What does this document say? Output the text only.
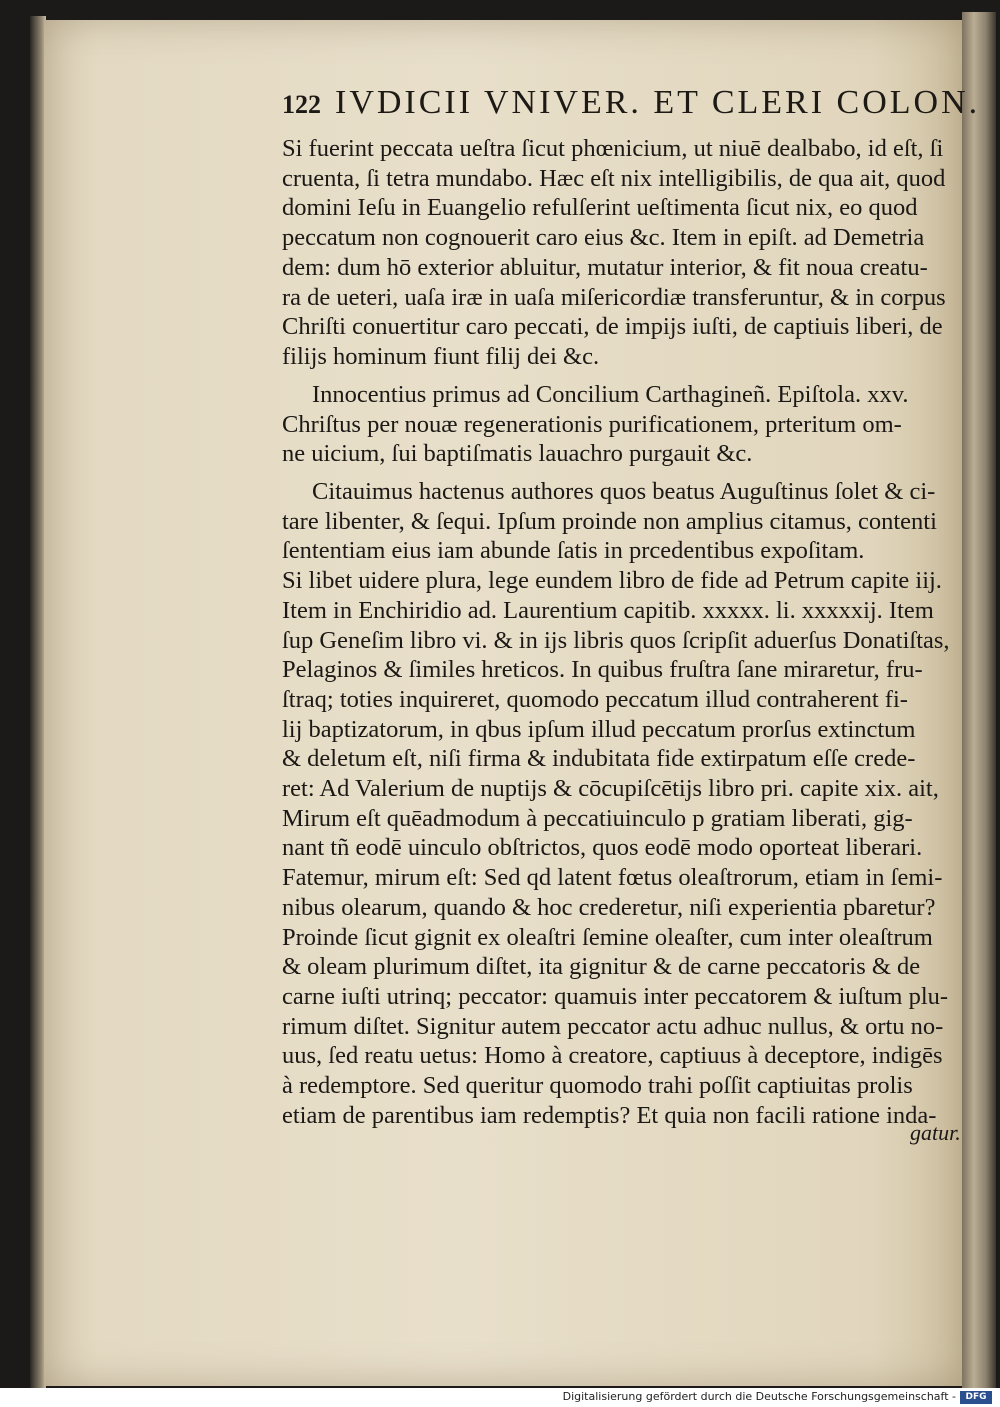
122 IVDICII VNIVER. ET CLERI COLON.

Si fuerint peccata ueſtra ſicut phœnicium, ut niuē dealbabo, id eſt, ſi
cruenta, ſi tetra mundabo. Hæc eſt nix intelligibilis, de qua ait, quod
domini Ieſu in Euangelio refulſerint ueſtimenta ſicut nix, eo quod
peccatum non cognouerit caro eius &c. Item in epiſt. ad Demetria
dem: dum hō exterior abluitur, mutatur interior, & fit noua creatu-
ra de ueteri, uaſa iræ in uaſa miſericordiæ transferuntur, & in corpus
Chriſti conuertitur caro peccati, de impijs iuſti, de captiuis liberi, de
filijs hominum fiunt filij dei &c.

Innocentius primus ad Concilium Carthagineñ. Epiſtola. xxv.
Chriſtus per nouæ regenerationis purificationem, prteritum om-
ne uicium, ſui baptiſmatis lauachro purgauit &c.

Citauimus hactenus authores quos beatus Auguſtinus ſolet & ci-
tare libenter, & ſequi. Ipſum proinde non amplius citamus, contenti
ſententiam eius iam abunde ſatis in prcedentibus expoſitam.
Si libet uidere plura, lege eundem libro de fide ad Petrum capite iij.
Item in Enchiridio ad. Laurentium capitib. xxxxx. li. xxxxxij. Item
ſup Geneſim libro vi. & in ijs libris quos ſcripſit aduerſus Donatiſtas,
Pelaginos & ſimiles hreticos. In quibus fruſtra ſane miraretur, fru-
ſtraq; toties inquireret, quomodo peccatum illud contraherent fi-
lij baptizatorum, in qbus ipſum illud peccatum prorſus extinctum
& deletum eſt, niſi firma & indubitata fide extirpatum eſſe crede-
ret: Ad Valerium de nuptijs & cōcupiſcētijs libro pri. capite xix. ait,
Mirum eſt quēadmodum à peccatiuinculo p gratiam liberati, gig-
nant tñ eodē uinculo obſtrictos, quos eodē modo oporteat liberari.
Fatemur, mirum eſt: Sed qd latent fœtus oleaſtrorum, etiam in ſemi-
nibus olearum, quando & hoc crederetur, niſi experientia pbaretur?
Proinde ſicut gignit ex oleaſtri ſemine oleaſter, cum inter oleaſtrum
& oleam plurimum diſtet, ita gignitur & de carne peccatoris & de
carne iuſti utrinq; peccator: quamuis inter peccatorem & iuſtum plu-
rimum diſtet. Signitur autem peccator actu adhuc nullus, & ortu no-
uus, ſed reatu uetus: Homo à creatore, captiuus à deceptore, indigēs
à redemptore. Sed queritur quomodo trahi poſſit captiuitas prolis
etiam de parentibus iam redemptis? Et quia non facili ratione inda-

gatur.
Digitalisierung gefördert durch die Deutsche Forschungsgemeinschaft -	DFG
